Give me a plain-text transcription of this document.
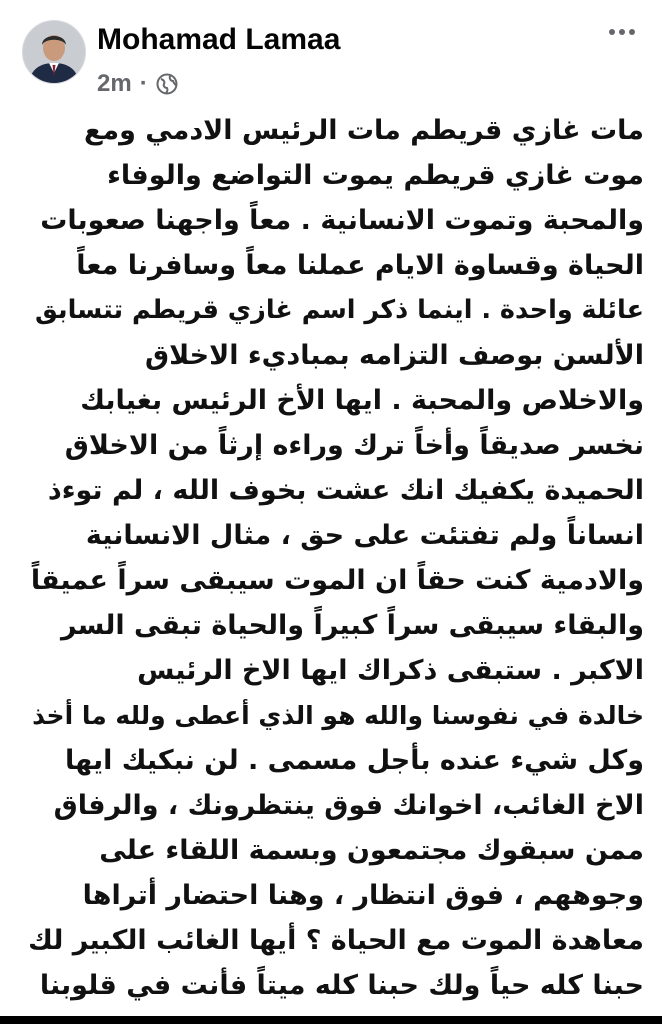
Mohamad Lamaa
2m ·
مات غازي قريطم مات الرئيس الادمي ومع
موت غازي قريطم يموت التواضع والوفاء
والمحبة وتموت الانسانية . معاً واجهنا صعوبات
الحياة وقساوة الايام عملنا معاً وسافرنا معاً
عائلة واحدة . اينما ذكر اسم غازي قريطم تتسابق
الألسن بوصف التزامه بمباديء الاخلاق
والاخلاص والمحبة . ايها الأخ الرئيس بغيابك
نخسر صديقاً وأخاً ترك وراءه إرثاً من الاخلاق
الحميدة يكفيك انك عشت بخوف الله ، لم توءذ
انساناً ولم تفتئت على حق ، مثال الانسانية
والادمية كنت حقاً ان الموت سيبقى سراً عميقاً
والبقاء سيبقى سراً كبيراً والحياة تبقى السر
الاكبر . ستبقى ذكراك ايها الاخ الرئيس
خالدة في نفوسنا والله هو الذي أعطى ولله ما أخذ
وكل شيء عنده بأجل مسمى . لن نبكيك ايها
الاخ الغائب، اخوانك فوق ينتظرونك ، والرفاق
ممن سبقوك مجتمعون وبسمة اللقاء على
وجوههم ، فوق انتظار ، وهنا احتضار أتراها
معاهدة الموت مع الحياة ؟ أيها الغائب الكبير لك
حبنا كله حياً ولك حبنا كله ميتاً فأنت في قلوبنا
